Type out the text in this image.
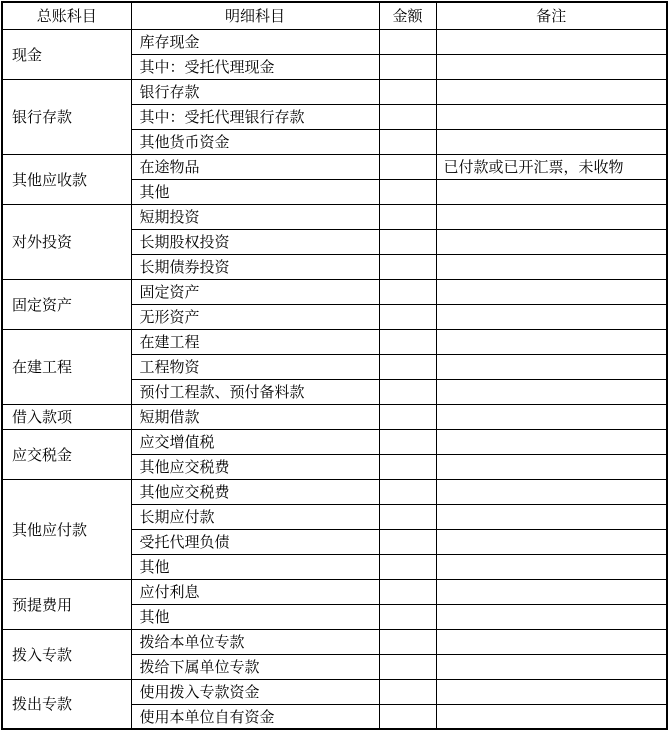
总账科目	明细科目	金额	备注
现金	库存现金		
	其中：受托代理现金		
银行存款	银行存款		
	其中：受托代理银行存款		
	其他货币资金		
其他应收款	在途物品		已付款或已开汇票，未收物
	其他		
对外投资	短期投资		
	长期股权投资		
	长期债券投资		
固定资产	固定资产		
	无形资产		
在建工程	在建工程		
	工程物资		
	预付工程款、预付备料款		
借入款项	短期借款		
应交税金	应交增值税		
	其他应交税费		
其他应付款	其他应交税费		
	长期应付款		
	受托代理负债		
	其他		
预提费用	应付利息		
	其他		
拨入专款	拨给本单位专款		
	拨给下属单位专款		
拨出专款	使用拨入专款资金		
	使用本单位自有资金		
